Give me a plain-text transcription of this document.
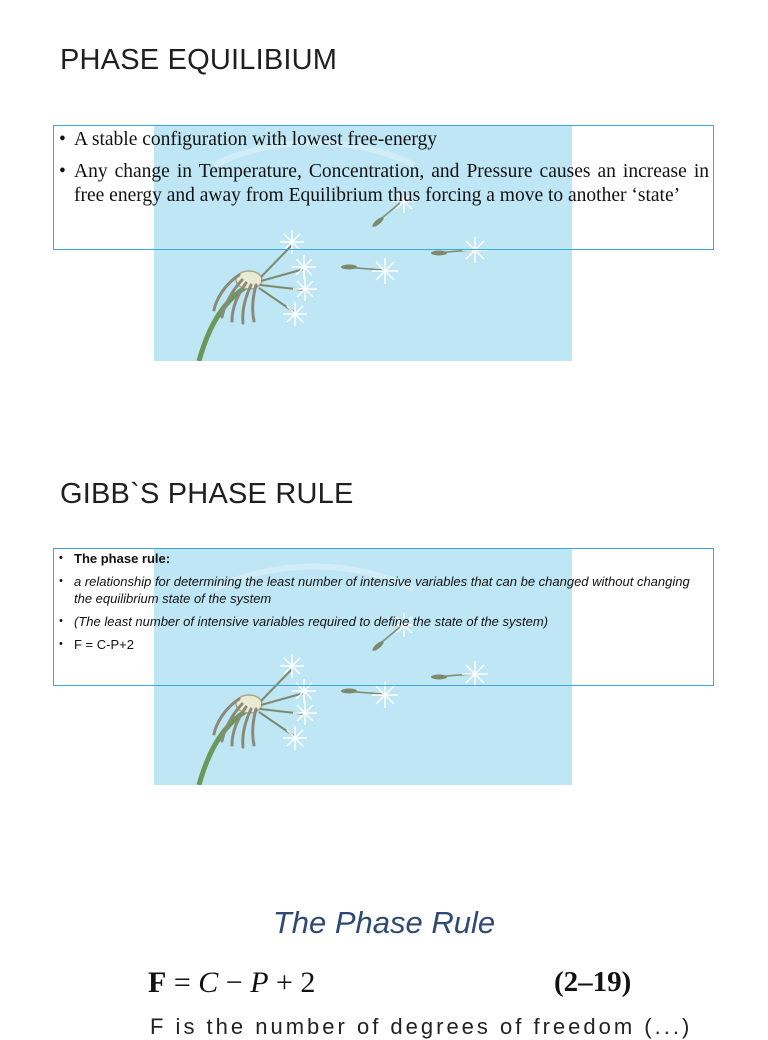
PHASE EQUILIBIUM
• A stable configuration with lowest free-energy
• Any change in Temperature, Concentration, and Pressure causes an increase in free energy and away from Equilibrium thus forcing a move to another ‘state’
GIBB`S PHASE RULE
• The phase rule:
• a relationship for determining the least number of intensive variables that can be changed without changing the equilibrium state of the system
• (The least number of intensive variables required to define the state of the system)
• F = C-P+2
The Phase Rule
F = C − P + 2	(2–19)
F is the number of degrees of freedom (...)
